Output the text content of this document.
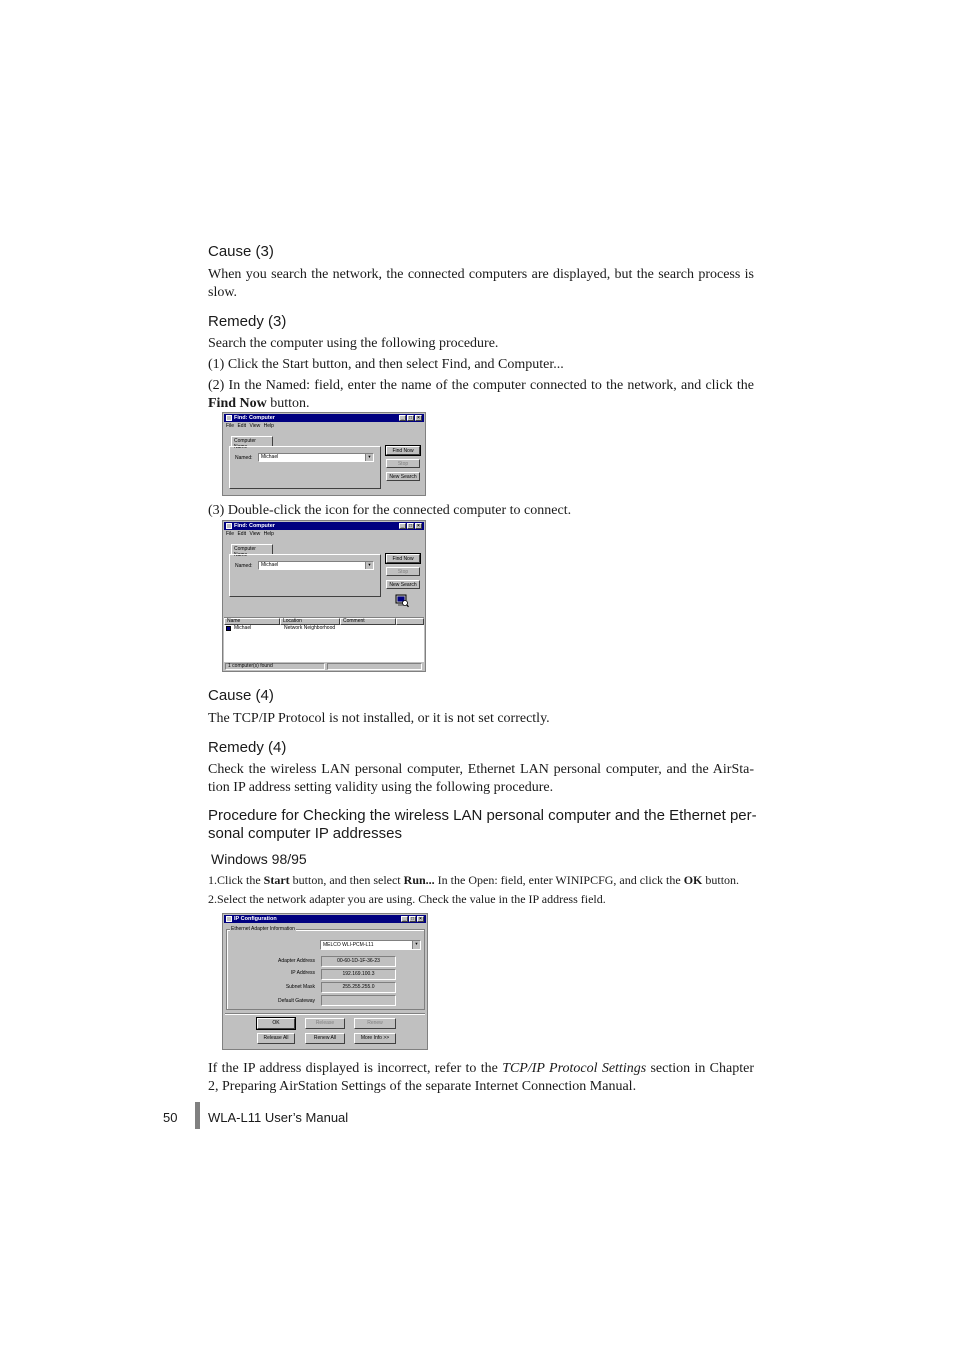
Cause (3)
When you search the network, the connected computers are displayed, but the search process is
slow.
Remedy (3)
Search the computer using the following procedure.
(1) Click the Start button, and then select Find, and Computer...
(2) In the Named: field, enter the name of the computer connected to the network, and click the
Find Now button.
Find: Computer	_	□	×
File Edit View Help
Computer Name
Named:	Michael	▼
Find Now
Stop
New Search
(3) Double-click the icon for the connected computer to connect.
Find: Computer	_	□	×
File Edit View Help
Computer Name
Named:	Michael	▼
Find Now
Stop
New Search
Name	Location	Comment
Michael	Network Neighborhood
1 computer(s) found
Cause (4)
The TCP/IP Protocol is not installed, or it is not set correctly.
Remedy (4)
Check the wireless LAN personal computer, Ethernet LAN personal computer, and the AirSta-
tion IP address setting validity using the following procedure.
Procedure for Checking the wireless LAN personal computer and the Ethernet per-
sonal computer IP addresses
Windows 98/95
1.Click the Start button, and then select Run... In the Open: field, enter WINIPCFG, and click the OK button.
2.Select the network adapter you are using. Check the value in the IP address field.
IP Configuration	_	□	×
Ethernet Adapter Information
MELCO WLI-PCM-L11	▼
Adapter Address	00-60-1D-1F-36-23
IP Address	192.169.100.3
Subnet Mask	255.255.255.0
Default Gateway
OK	Release	Renew
Release All	Renew All	More Info >>
If the IP address displayed is incorrect, refer to the TCP/IP Protocol Settings section in Chapter
2, Preparing AirStation Settings of the separate Internet Connection Manual.
50 WLA-L11 User’s Manual
